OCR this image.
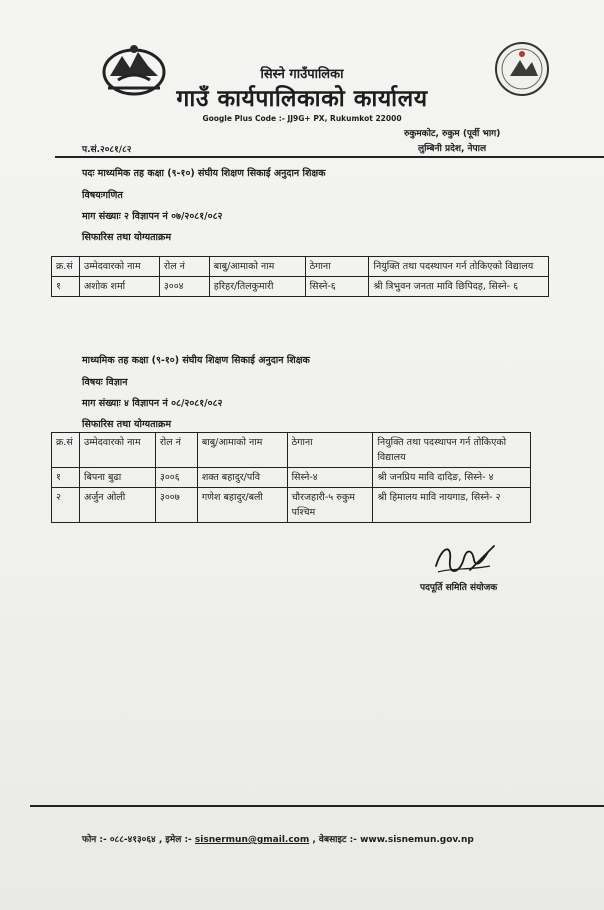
सिस्ने गाउँपालिका
गाउँ कार्यपालिकाको कार्यालय
Google Plus Code :- JJ9G+ PX, Rukumkot 22000
प.सं.२०८१/८२
रुकुमकोट, रुकुम (पूर्वी भाग)
लुम्बिनी प्रदेश, नेपाल
पदः माध्यमिक तह कक्षा (९-१०) संघीय शिक्षण सिकाई अनुदान शिक्षक
विषयःगणित
माग संख्याः २ विज्ञापन नं ०७/२०८१/०८२
सिफारिस तथा योग्यताक्रम
क्र.सं	उम्मेदवारको नाम	रोल नं	बाबु/आमाको नाम	ठेगाना	नियुक्ति तथा पदस्थापन गर्न तोकिएको विद्यालय
१	अशोक शर्मा	३००४	हरिहर/तिलकुमारी	सिस्ने-६	श्री त्रिभुवन जनता मावि छिपिदह, सिस्ने- ६
माध्यमिक तह कक्षा (९-१०) संघीय शिक्षण सिकाई अनुदान शिक्षक
विषयः विज्ञान
माग संख्याः ४ विज्ञापन नं ०८/२०८१/०८२
सिफारिस तथा योग्यताक्रम
क्र.सं	उम्मेदवारको नाम	रोल नं	बाबु/आमाको नाम	ठेगाना	नियुक्ति तथा पदस्थापन गर्न तोकिएको विद्यालय
१	बिपना बुढा	३००६	शक्त बहादुर/पवि	सिस्ने-४	श्री जनप्रिय मावि दादिङ, सिस्ने- ४
२	अर्जुन ओली	३००७	गणेश बहादुर/बली	चौरजहारी-५ रुकुम पश्चिम	श्री हिमालय मावि नायगाड, सिस्ने- २
पदपूर्ति समिति संयोजक
फोन :- ०८८-४१३०६४ , इमेल :- sisnermun@gmail.com , वेबसाइट :- www.sisnemun.gov.np
